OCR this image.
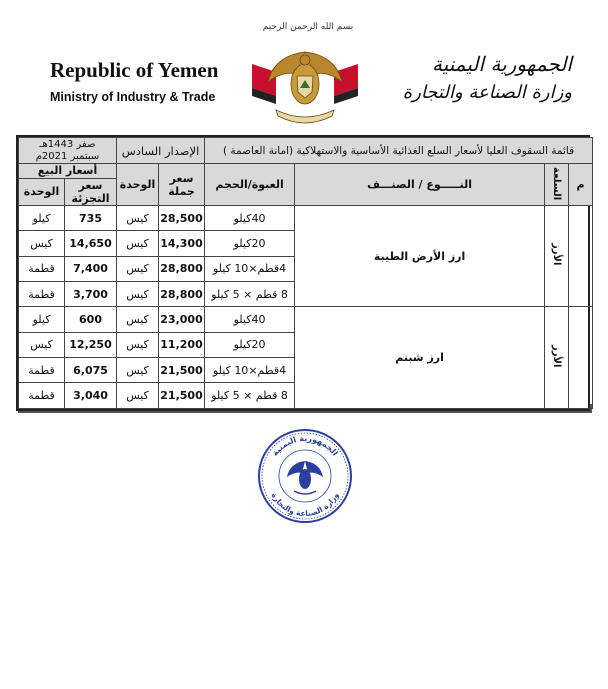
بسم الله الرحمن الرحيم
Republic of Yemen
Ministry of Industry & Trade
الجمهورية اليمنية
وزارة الصناعة والتجارة
قائمة السقوف العليا لأسعار السلع الغذائية الأساسية والاستهلاكية (امانة العاصمة )				الإصدار السادس		صفر 1443هـ
سبتمبر 2021م	

م	السلعة	النـــــوع / الصنـــف	العبوة/الحجم	سعر جملة	الوحدة	أسعار البيع	
						سعر التجزئة	الوحدة
	الأرز	ارز الأرض الطيبة	40كيلو	28,500	كيس	735	كيلو
			20كيلو	14,300	كيس	14,650	كيس
			4قطم×10 كيلو	28,800	كيس	7,400	قطمة
			8 قطم × 5 كيلو	28,800	كيس	3,700	قطمة
	الأرز	ارز شبنم	40كيلو	23,000	كيس	600	كيلو
			20كيلو	11,200	كيس	12,250	كيس
			4قطم×10 كيلو	21,500	كيس	6,075	قطمة
			8 قطم × 5 كيلو	21,500	كيس	3,040	قطمة
الجمهورية اليمنية
وزارة الصناعة والتجارة
